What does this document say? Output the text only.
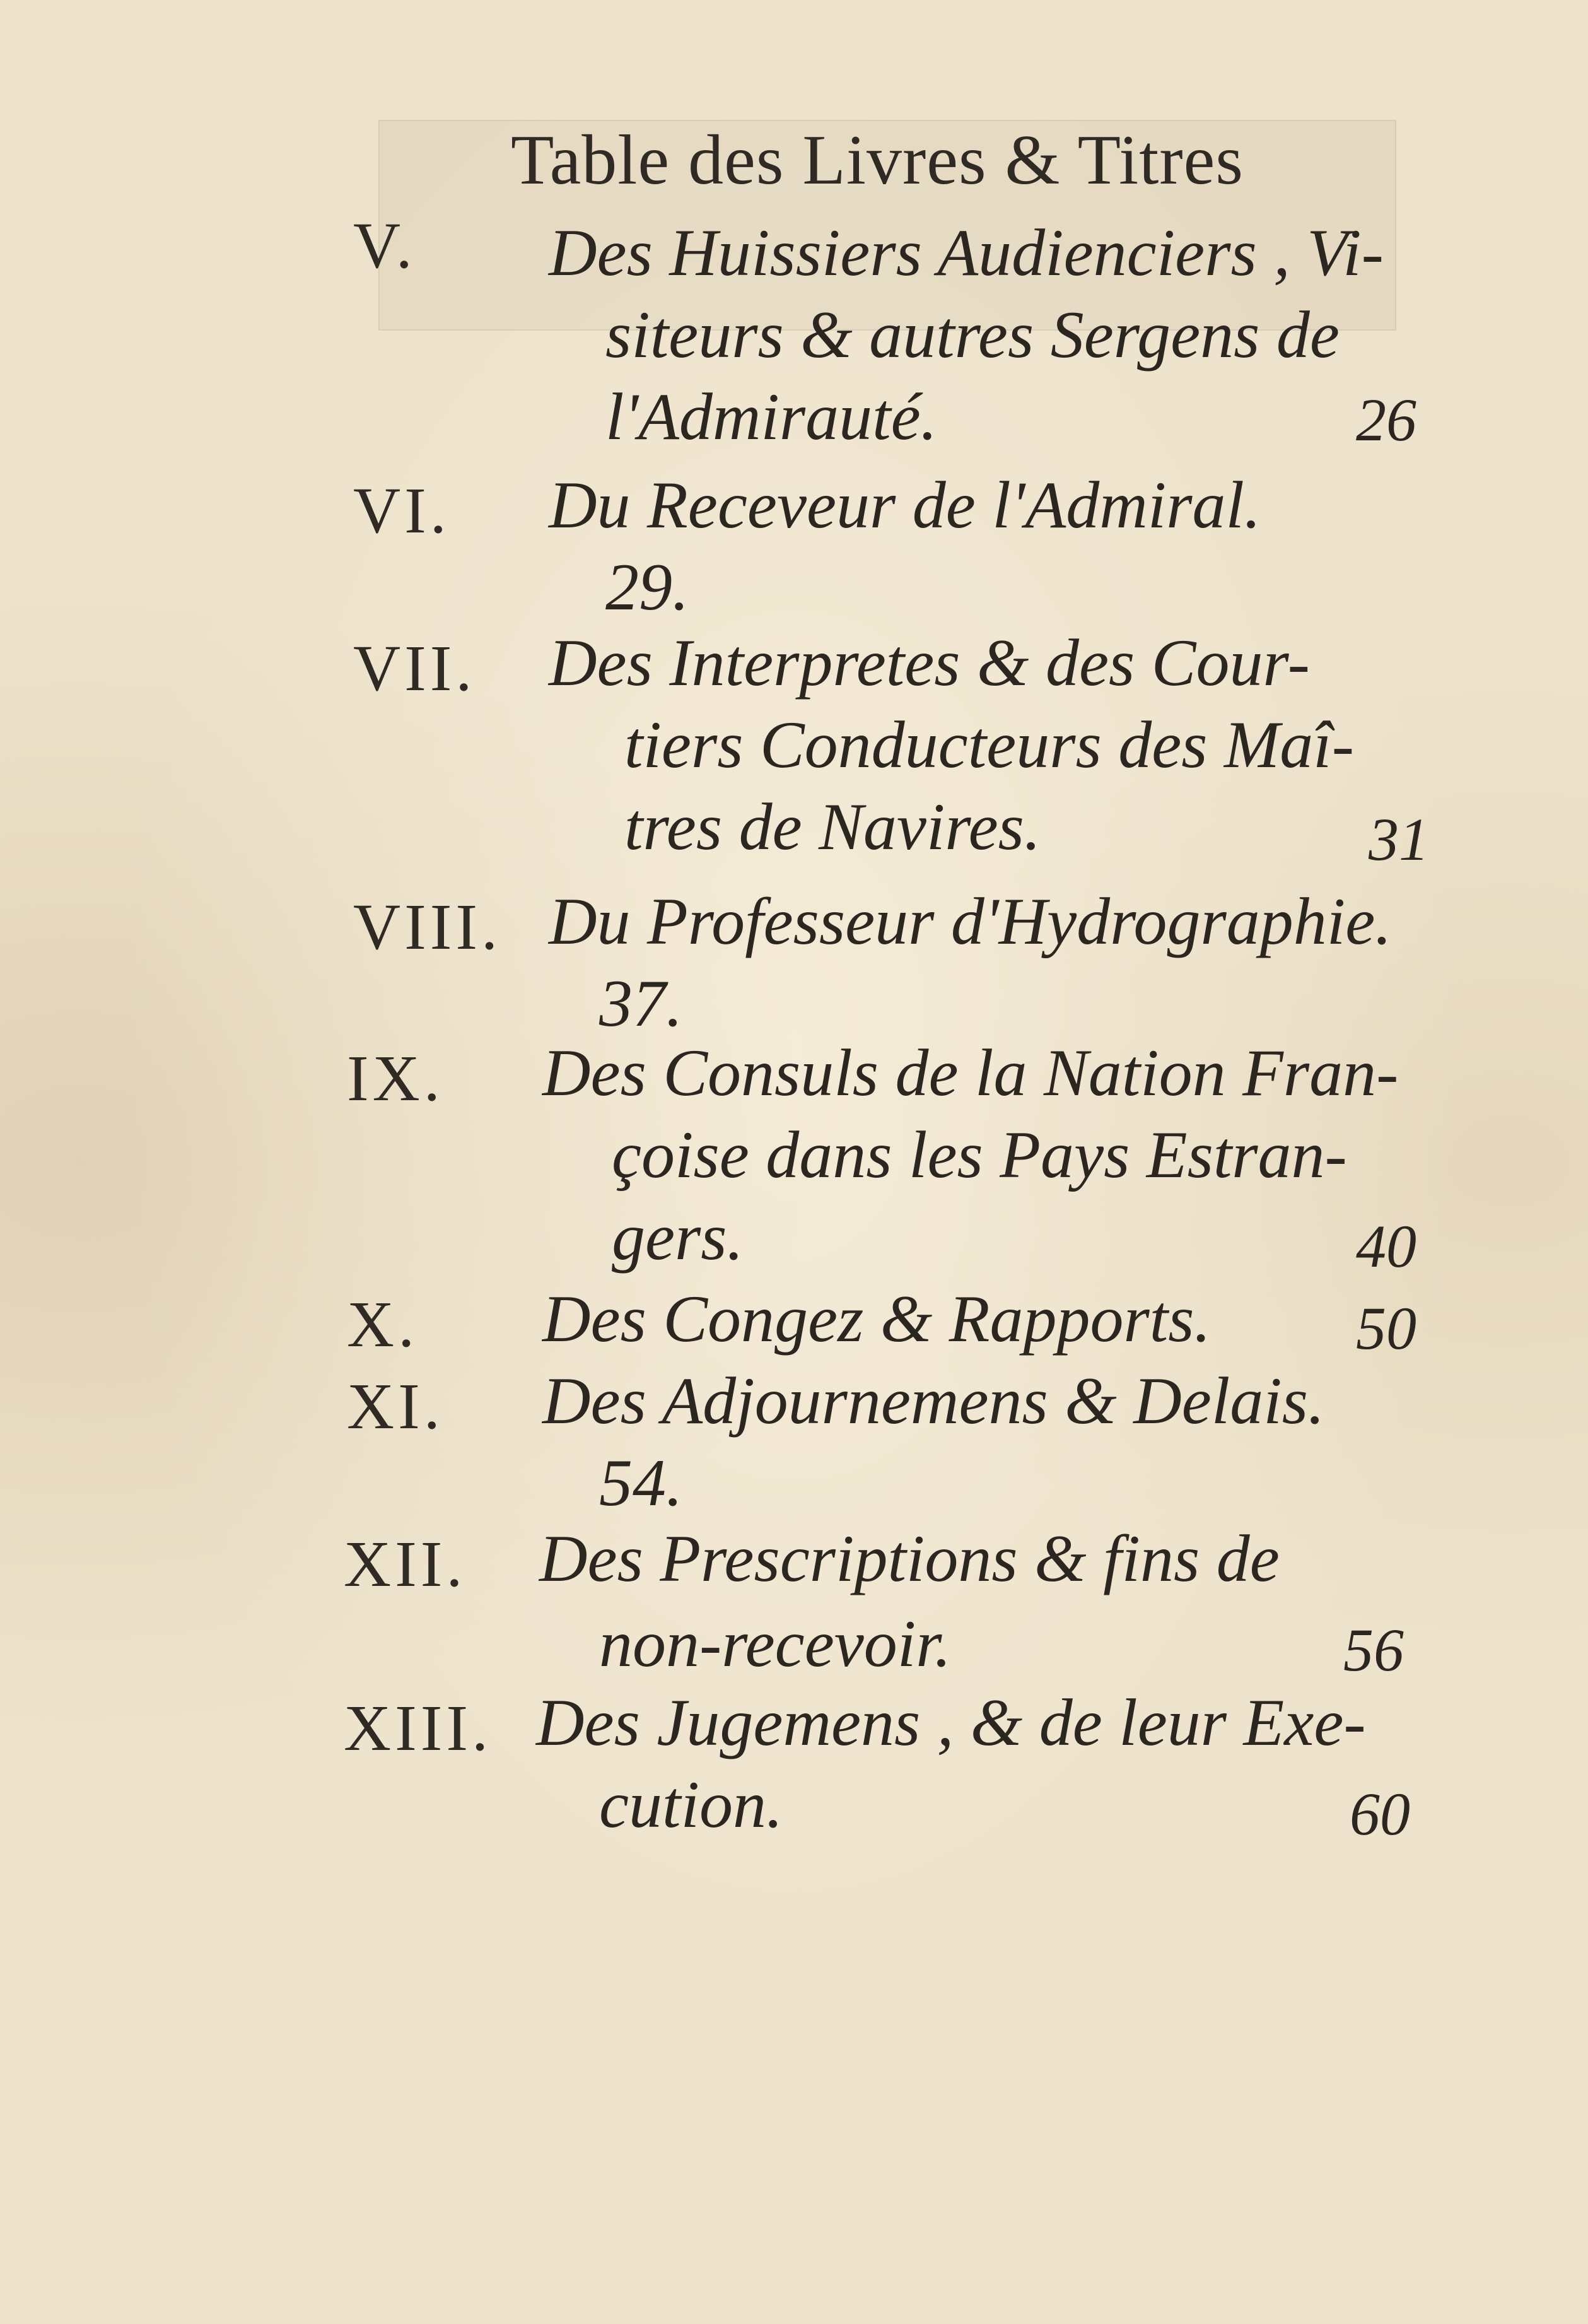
Table des Livres & Titres
V. Des Huissiers Audienciers , Vi-
siteurs & autres Sergens de
l'Admirauté.	26
VI. Du Receveur de l'Admiral.
29.
VII. Des Interpretes & des Cour-
tiers Conducteurs des Maî-
tres de Navires.	31
VIII. Du Professeur d'Hydrographie.
37.
IX. Des Consuls de la Nation Fran-
çoise dans les Pays Estran-
gers.	40
X. Des Congez & Rapports. 50
XI. Des Adjournemens & Delais.
54.
XII. Des Prescriptions & fins de
non-recevoir.	56
XIII. Des Jugemens , & de leur Exe-
cution.	60
